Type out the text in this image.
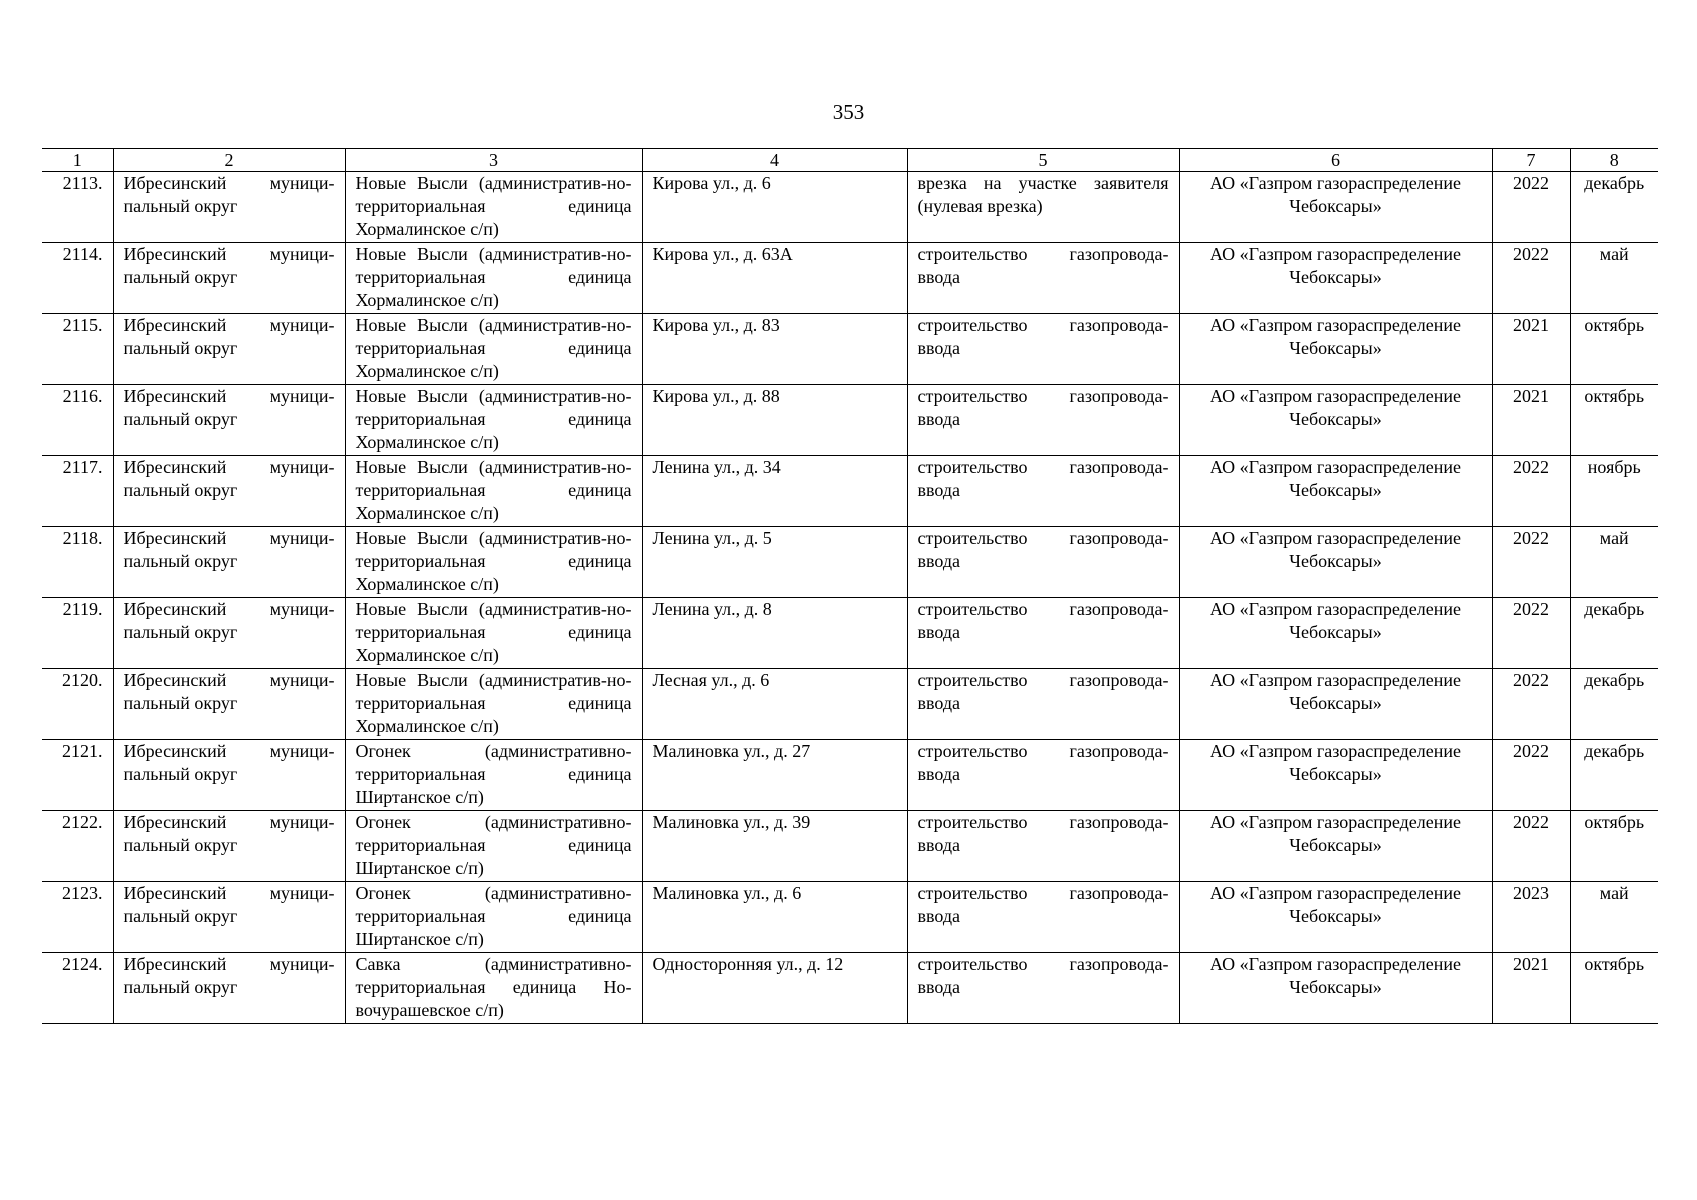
353
1	2	3	4	5	6	7	8
2113.	Ибресинский муници-пальный округ	Новые Высли (административ-но-территориальная единица Хормалинское с/п)	Кирова ул., д. 6	врезка на участке заявителя (нулевая врезка)	АО «Газпром газораспределение Чебоксары»	2022	декабрь
2114.	Ибресинский муници-пальный округ	Новые Высли (административ-но-территориальная единица Хормалинское с/п)	Кирова ул., д. 63А	строительство газопровода-ввода	АО «Газпром газораспределение Чебоксары»	2022	май
2115.	Ибресинский муници-пальный округ	Новые Высли (административ-но-территориальная единица Хормалинское с/п)	Кирова ул., д. 83	строительство газопровода-ввода	АО «Газпром газораспределение Чебоксары»	2021	октябрь
2116.	Ибресинский муници-пальный округ	Новые Высли (административ-но-территориальная единица Хормалинское с/п)	Кирова ул., д. 88	строительство газопровода-ввода	АО «Газпром газораспределение Чебоксары»	2021	октябрь
2117.	Ибресинский муници-пальный округ	Новые Высли (административ-но-территориальная единица Хормалинское с/п)	Ленина ул., д. 34	строительство газопровода-ввода	АО «Газпром газораспределение Чебоксары»	2022	ноябрь
2118.	Ибресинский муници-пальный округ	Новые Высли (административ-но-территориальная единица Хормалинское с/п)	Ленина ул., д. 5	строительство газопровода-ввода	АО «Газпром газораспределение Чебоксары»	2022	май
2119.	Ибресинский муници-пальный округ	Новые Высли (административ-но-территориальная единица Хормалинское с/п)	Ленина ул., д. 8	строительство газопровода-ввода	АО «Газпром газораспределение Чебоксары»	2022	декабрь
2120.	Ибресинский муници-пальный округ	Новые Высли (административ-но-территориальная единица Хормалинское с/п)	Лесная ул., д. 6	строительство газопровода-ввода	АО «Газпром газораспределение Чебоксары»	2022	декабрь
2121.	Ибресинский муници-пальный округ	Огонек (административно-территориальная единица Ширтанское с/п)	Малиновка ул., д. 27	строительство газопровода-ввода	АО «Газпром газораспределение Чебоксары»	2022	декабрь
2122.	Ибресинский муници-пальный округ	Огонек (административно-территориальная единица Ширтанское с/п)	Малиновка ул., д. 39	строительство газопровода-ввода	АО «Газпром газораспределение Чебоксары»	2022	октябрь
2123.	Ибресинский муници-пальный округ	Огонек (административно-территориальная единица Ширтанское с/п)	Малиновка ул., д. 6	строительство газопровода-ввода	АО «Газпром газораспределение Чебоксары»	2023	май
2124.	Ибресинский муници-пальный округ	Савка (административно-территориальная единица Но-вочурашевское с/п)	Односторонняя ул., д. 12	строительство газопровода-ввода	АО «Газпром газораспределение Чебоксары»	2021	октябрь
